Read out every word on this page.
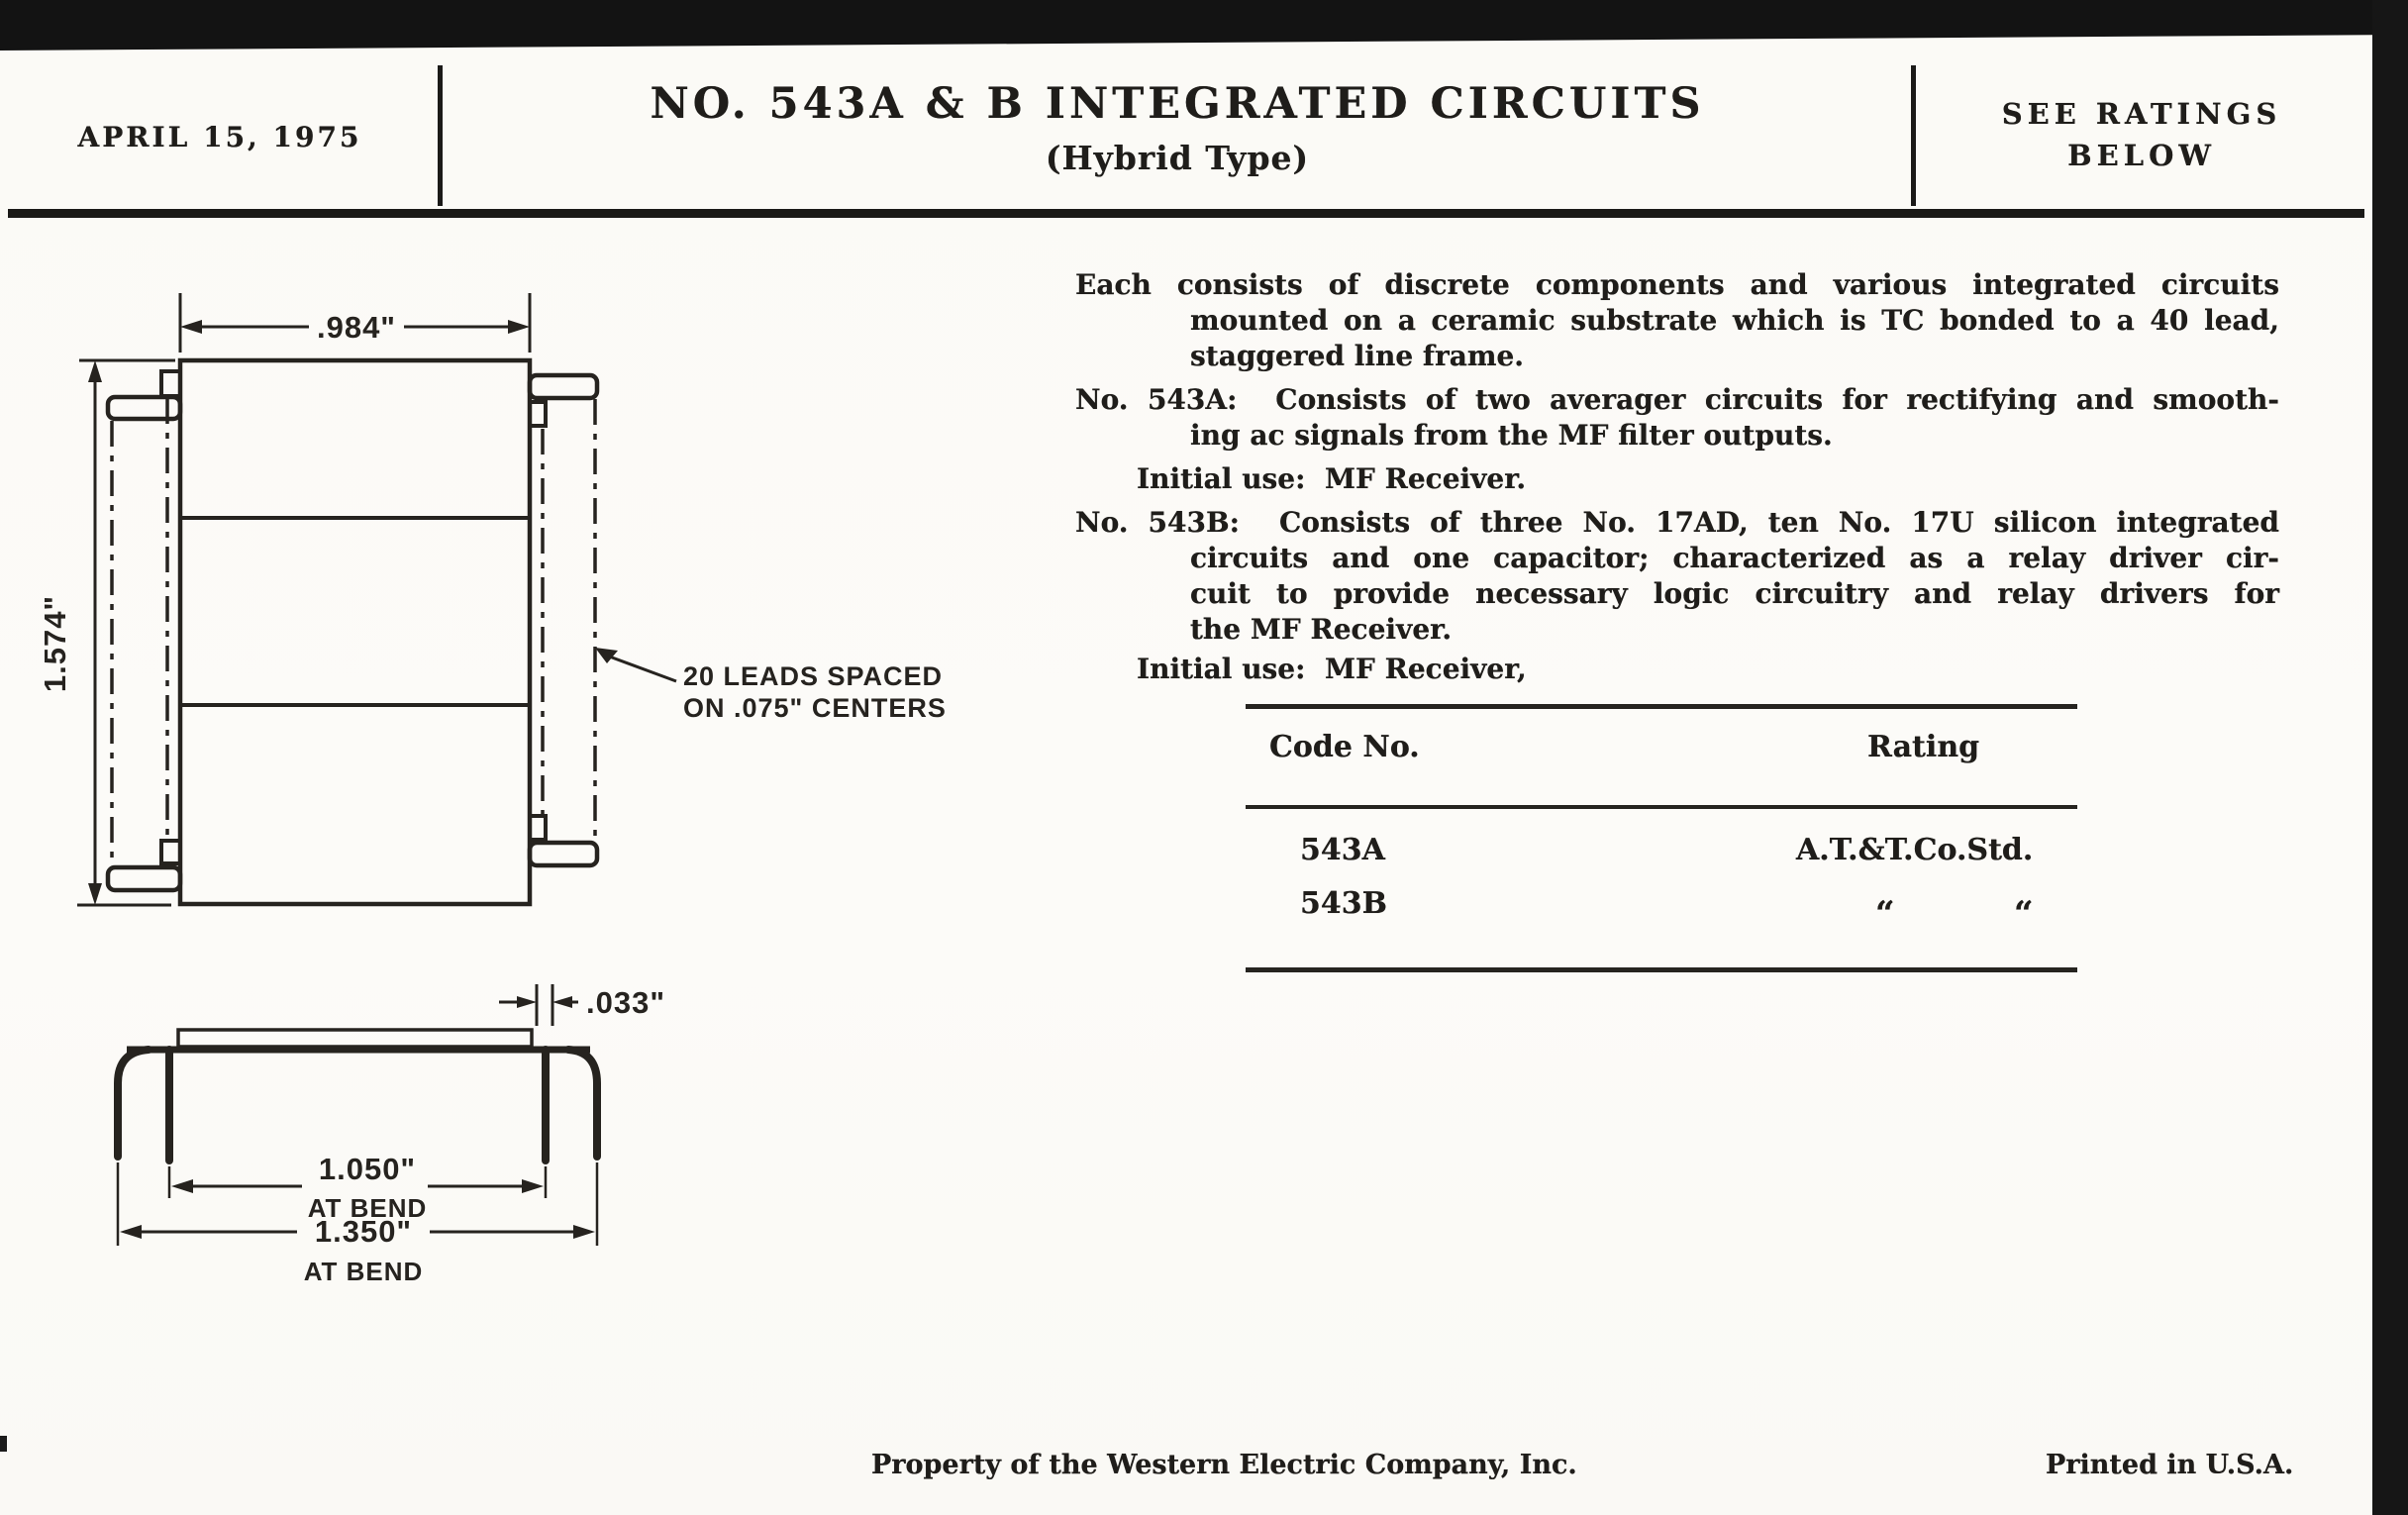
APRIL 15, 1975
NO. 543A & B INTEGRATED CIRCUITS
(Hybrid Type)
SEE RATINGS
BELOW
Each consists of discrete components and various integrated circuits
mounted on a ceramic substrate which is TC bonded to a 40 lead,
staggered line frame.
No. 543A:  Consists of two averager circuits for rectifying and smooth-
ing ac signals from the MF filter outputs.
Initial use:  MF Receiver.
No. 543B:  Consists of three No. 17AD, ten No. 17U silicon integrated
circuits and one capacitor; characterized as a relay driver cir-
cuit to provide necessary logic circuitry and relay drivers for
the MF Receiver.
Initial use:  MF Receiver,
Code No.	Rating
543A	A.T.&T.Co.Std.
543B	“	“
.984"
1.574"	20 LEADS SPACED
ON .075" CENTERS
.033"
1.050"
AT BEND
1.350"
AT BEND
Property of the Western Electric Company, Inc.	Printed in U.S.A.
